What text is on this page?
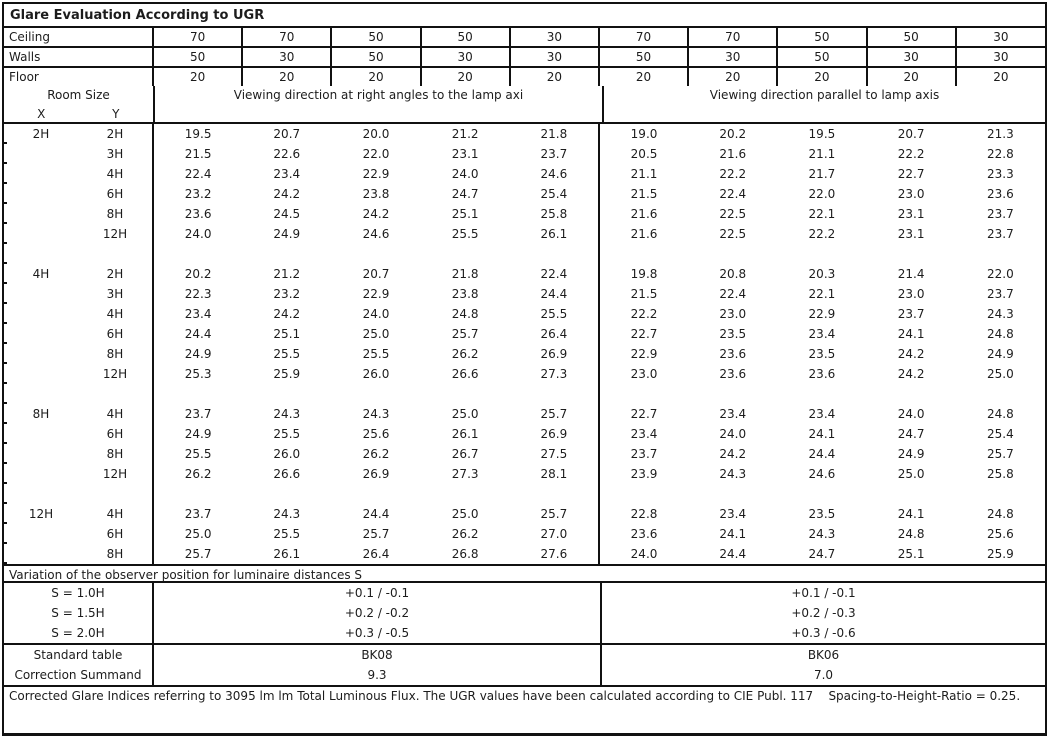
Glare Evaluation According to UGR
Ceiling	70	70	50	50	30	70	70	50	50	30
Walls	50	30	50	30	30	50	30	50	30	30
Floor	20	20	20	20	20	20	20	20	20	20
Room Size
X	Y
Viewing direction at right angles to the lamp axi	Viewing direction parallel to lamp axis
2H	2H	19.5	20.7	20.0	21.2	21.8	19.0	20.2	19.5	20.7	21.3
	3H	21.5	22.6	22.0	23.1	23.7	20.5	21.6	21.1	22.2	22.8
	4H	22.4	23.4	22.9	24.0	24.6	21.1	22.2	21.7	22.7	23.3
	6H	23.2	24.2	23.8	24.7	25.4	21.5	22.4	22.0	23.0	23.6
	8H	23.6	24.5	24.2	25.1	25.8	21.6	22.5	22.1	23.1	23.7
	12H	24.0	24.9	24.6	25.5	26.1	21.6	22.5	22.2	23.1	23.7

4H	2H	20.2	21.2	20.7	21.8	22.4	19.8	20.8	20.3	21.4	22.0
	3H	22.3	23.2	22.9	23.8	24.4	21.5	22.4	22.1	23.0	23.7
	4H	23.4	24.2	24.0	24.8	25.5	22.2	23.0	22.9	23.7	24.3
	6H	24.4	25.1	25.0	25.7	26.4	22.7	23.5	23.4	24.1	24.8
	8H	24.9	25.5	25.5	26.2	26.9	22.9	23.6	23.5	24.2	24.9
	12H	25.3	25.9	26.0	26.6	27.3	23.0	23.6	23.6	24.2	25.0

8H	4H	23.7	24.3	24.3	25.0	25.7	22.7	23.4	23.4	24.0	24.8
	6H	24.9	25.5	25.6	26.1	26.9	23.4	24.0	24.1	24.7	25.4
	8H	25.5	26.0	26.2	26.7	27.5	23.7	24.2	24.4	24.9	25.7
	12H	26.2	26.6	26.9	27.3	28.1	23.9	24.3	24.6	25.0	25.8

12H	4H	23.7	24.3	24.4	25.0	25.7	22.8	23.4	23.5	24.1	24.8
	6H	25.0	25.5	25.7	26.2	27.0	23.6	24.1	24.3	24.8	25.6
	8H	25.7	26.1	26.4	26.8	27.6	24.0	24.4	24.7	25.1	25.9
Variation of the observer position for luminaire distances S
S = 1.0H	+0.1 / -0.1	+0.1 / -0.1
S = 1.5H	+0.2 / -0.2	+0.2 / -0.3
S = 2.0H	+0.3 / -0.5	+0.3 / -0.6
Standard table	BK08	BK06
Correction Summand	9.3	7.0
Corrected Glare Indices referring to 3095 lm lm Total Luminous Flux. The UGR values have been calculated according to CIE Publ. 117    Spacing-to-Height-Ratio = 0.25.
